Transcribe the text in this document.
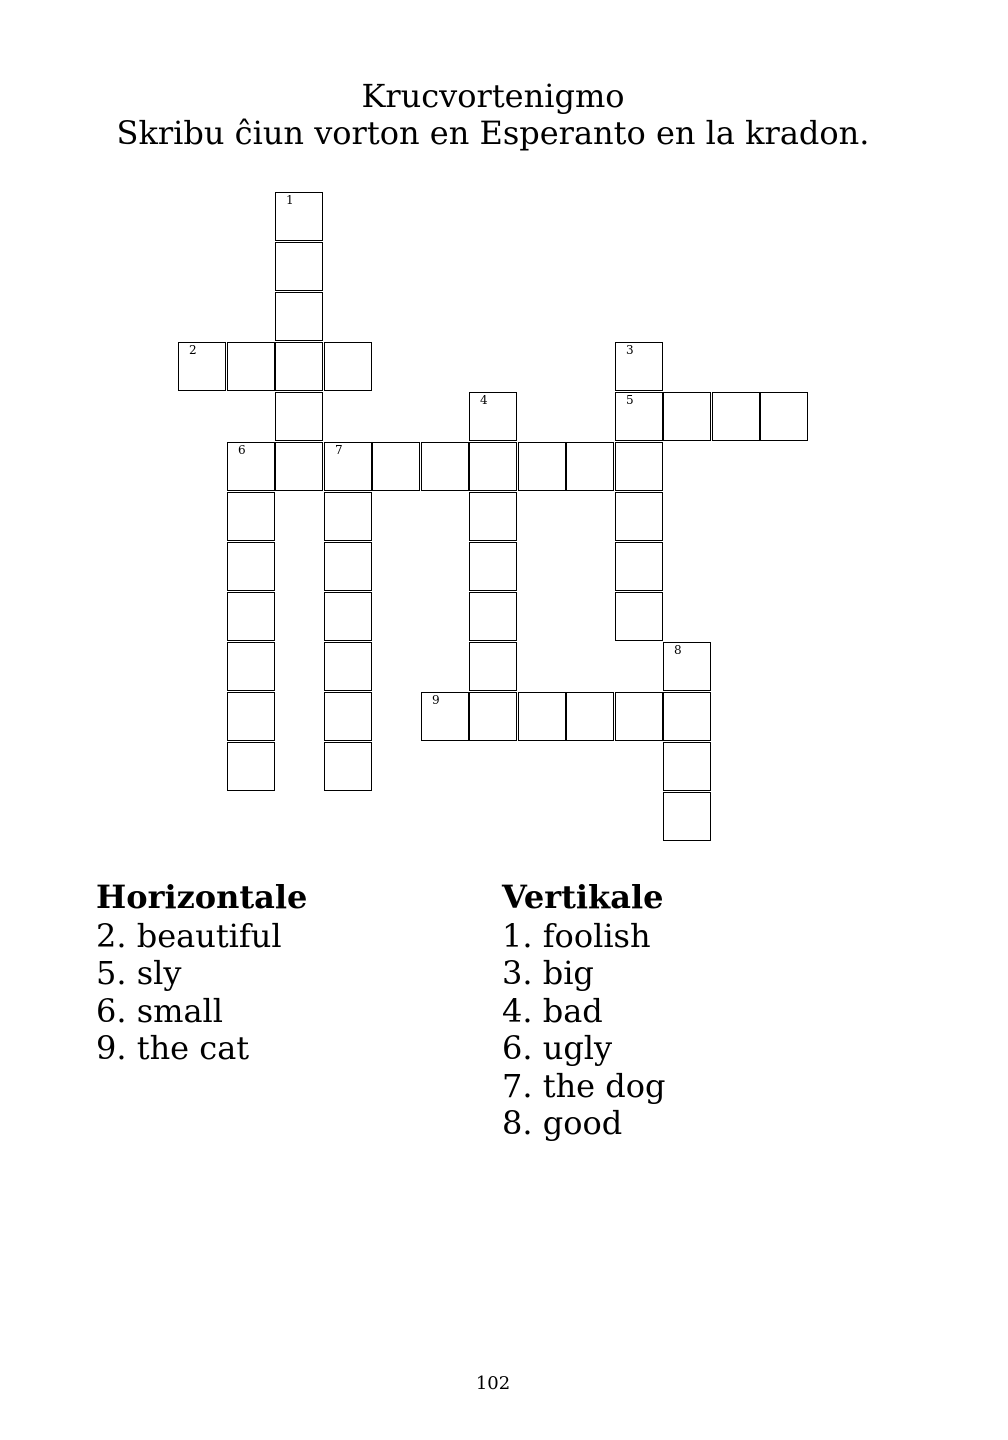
Krucvortenigmo
Skribu ĉiun vorton en Esperanto en la kradon.
2
5
6	7
9
1
3
4
8
Horizontale
2. beautiful
5. sly
6. small
9. the cat
Vertikale
1. foolish
3. big
4. bad
6. ugly
7. the dog
8. good
102
